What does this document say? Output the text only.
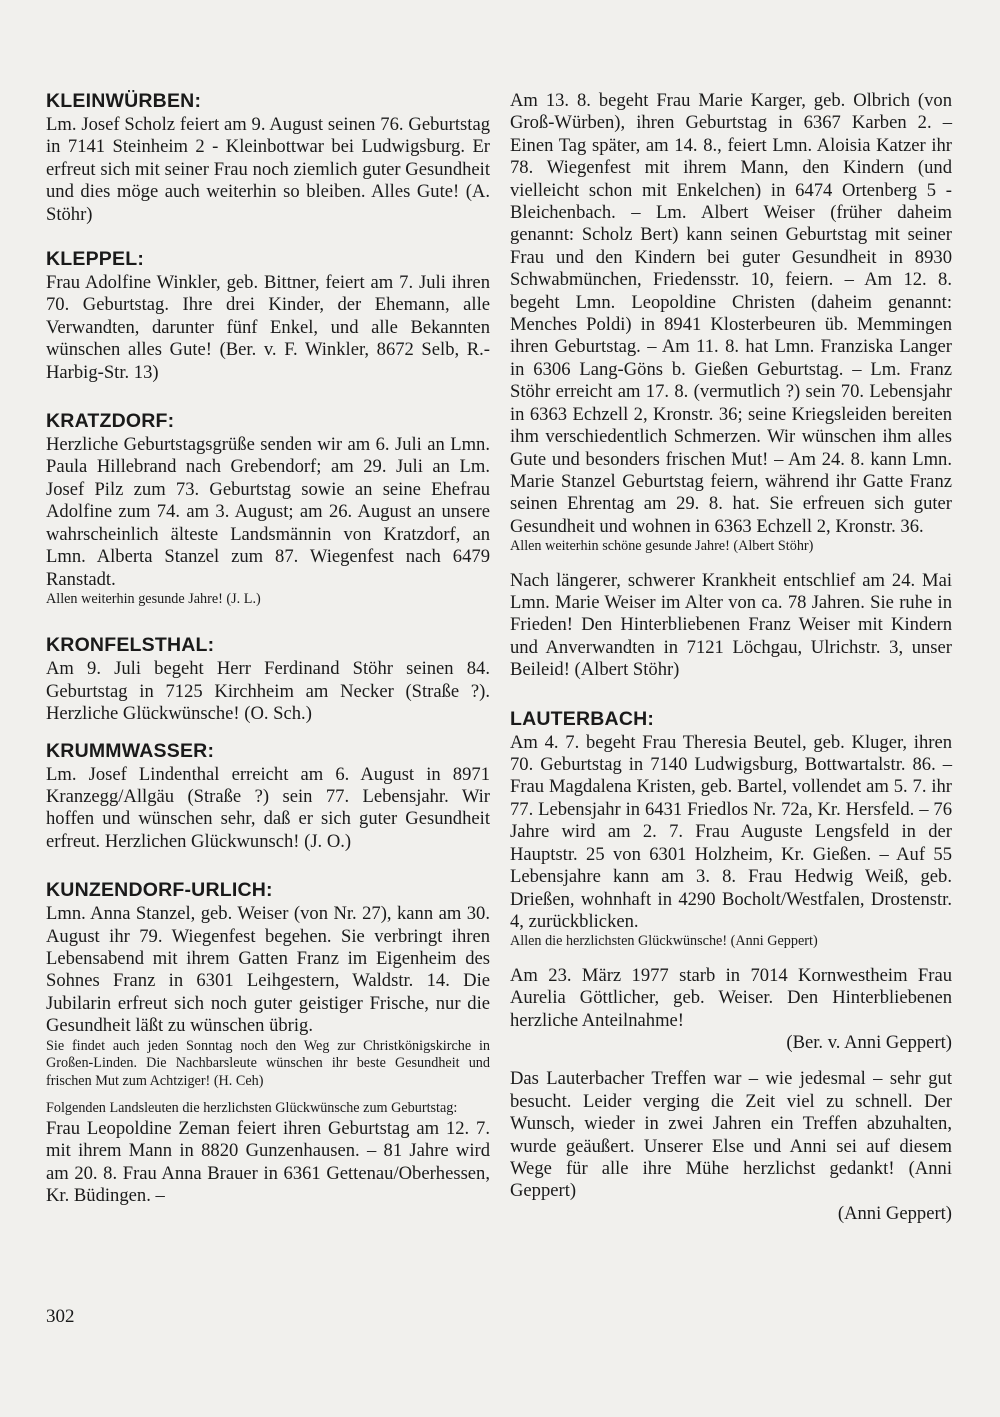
KLEINWÜRBEN:

Lm. Josef Scholz feiert am 9. August seinen 76. Geburtstag in 7141 Steinheim 2 - Kleinbottwar bei Ludwigsburg. Er erfreut sich mit seiner Frau noch ziemlich guter Gesundheit und dies möge auch weiterhin so bleiben. Alles Gute! (A. Stöhr)

KLEPPEL:

Frau Adolfine Winkler, geb. Bittner, feiert am 7. Juli ihren 70. Geburtstag. Ihre drei Kinder, der Ehemann, alle Verwandten, darunter fünf Enkel, und alle Bekannten wünschen alles Gute! (Ber. v. F. Winkler, 8672 Selb, R.-Harbig-Str. 13)

KRATZDORF:

Herzliche Geburtstagsgrüße senden wir am 6. Juli an Lmn. Paula Hillebrand nach Grebendorf; am 29. Juli an Lm. Josef Pilz zum 73. Geburtstag sowie an seine Ehefrau Adolfine zum 74. am 3. August; am 26. August an unsere wahrscheinlich älteste Landsmännin von Kratzdorf, an Lmn. Alberta Stanzel zum 87. Wiegenfest nach 6479 Ranstadt.

Allen weiterhin gesunde Jahre! (J. L.)

KRONFELSTHAL:

Am 9. Juli begeht Herr Ferdinand Stöhr seinen 84. Geburtstag in 7125 Kirchheim am Necker (Straße ?). Herzliche Glückwünsche! (O. Sch.)

KRUMMWASSER:

Lm. Josef Lindenthal erreicht am 6. August in 8971 Kranzegg/Allgäu (Straße ?) sein 77. Lebensjahr. Wir hoffen und wünschen sehr, daß er sich guter Gesundheit erfreut. Herzlichen Glückwunsch! (J. O.)

KUNZENDORF-URLICH:

Lmn. Anna Stanzel, geb. Weiser (von Nr. 27), kann am 30. August ihr 79. Wiegenfest begehen. Sie verbringt ihren Lebensabend mit ihrem Gatten Franz im Eigenheim des Sohnes Franz in 6301 Leihgestern, Waldstr. 14. Die Jubilarin erfreut sich noch guter geistiger Frische, nur die Gesundheit läßt zu wünschen übrig.

Sie findet auch jeden Sonntag noch den Weg zur Christkönigskirche in Großen-Linden. Die Nachbarsleute wünschen ihr beste Gesundheit und frischen Mut zum Achtziger! (H. Ceh)

Folgenden Landsleuten die herzlichsten Glückwünsche zum Geburtstag:

Frau Leopoldine Zeman feiert ihren Geburtstag am 12. 7. mit ihrem Mann in 8820 Gunzenhausen. – 81 Jahre wird am 20. 8. Frau Anna Brauer in 6361 Gettenau/Oberhessen, Kr. Büdingen. –

Am 13. 8. begeht Frau Marie Karger, geb. Olbrich (von Groß-Würben), ihren Geburtstag in 6367 Karben 2. – Einen Tag später, am 14. 8., feiert Lmn. Aloisia Katzer ihr 78. Wiegenfest mit ihrem Mann, den Kindern (und vielleicht schon mit Enkelchen) in 6474 Ortenberg 5 - Bleichenbach. – Lm. Albert Weiser (früher daheim genannt: Scholz Bert) kann seinen Geburtstag mit seiner Frau und den Kindern bei guter Gesundheit in 8930 Schwabmünchen, Friedensstr. 10, feiern. – Am 12. 8. begeht Lmn. Leopoldine Christen (daheim genannt: Menches Poldi) in 8941 Klosterbeuren üb. Memmingen ihren Geburtstag. – Am 11. 8. hat Lmn. Franziska Langer in 6306 Lang-Göns b. Gießen Geburtstag. – Lm. Franz Stöhr erreicht am 17. 8. (vermutlich ?) sein 70. Lebensjahr in 6363 Echzell 2, Kronstr. 36; seine Kriegsleiden bereiten ihm verschiedentlich Schmerzen. Wir wünschen ihm alles Gute und besonders frischen Mut! – Am 24. 8. kann Lmn. Marie Stanzel Geburtstag feiern, während ihr Gatte Franz seinen Ehrentag am 29. 8. hat. Sie erfreuen sich guter Gesundheit und wohnen in 6363 Echzell 2, Kronstr. 36.

Allen weiterhin schöne gesunde Jahre! (Albert Stöhr)

Nach längerer, schwerer Krankheit entschlief am 24. Mai Lmn. Marie Weiser im Alter von ca. 78 Jahren. Sie ruhe in Frieden! Den Hinterbliebenen Franz Weiser mit Kindern und Anverwandten in 7121 Löchgau, Ulrichstr. 3, unser Beileid! (Albert Stöhr)

LAUTERBACH:

Am 4. 7. begeht Frau Theresia Beutel, geb. Kluger, ihren 70. Geburtstag in 7140 Ludwigsburg, Bottwartalstr. 86. – Frau Magdalena Kristen, geb. Bartel, vollendet am 5. 7. ihr 77. Lebensjahr in 6431 Friedlos Nr. 72a, Kr. Hersfeld. – 76 Jahre wird am 2. 7. Frau Auguste Lengsfeld in der Hauptstr. 25 von 6301 Holzheim, Kr. Gießen. – Auf 55 Lebensjahre kann am 3. 8. Frau Hedwig Weiß, geb. Drießen, wohnhaft in 4290 Bocholt/Westfalen, Drostenstr. 4, zurückblicken.

Allen die herzlichsten Glückwünsche! (Anni Geppert)

Am 23. März 1977 starb in 7014 Kornwestheim Frau Aurelia Göttlicher, geb. Weiser. Den Hinterbliebenen herzliche Anteilnahme!

(Ber. v. Anni Geppert)

Das Lauterbacher Treffen war – wie jedesmal – sehr gut besucht. Leider verging die Zeit viel zu schnell. Der Wunsch, wieder in zwei Jahren ein Treffen abzuhalten, wurde geäußert. Unserer Else und Anni sei auf diesem Wege für alle ihre Mühe herzlichst gedankt! (Anni Geppert)

(Anni Geppert)

302
